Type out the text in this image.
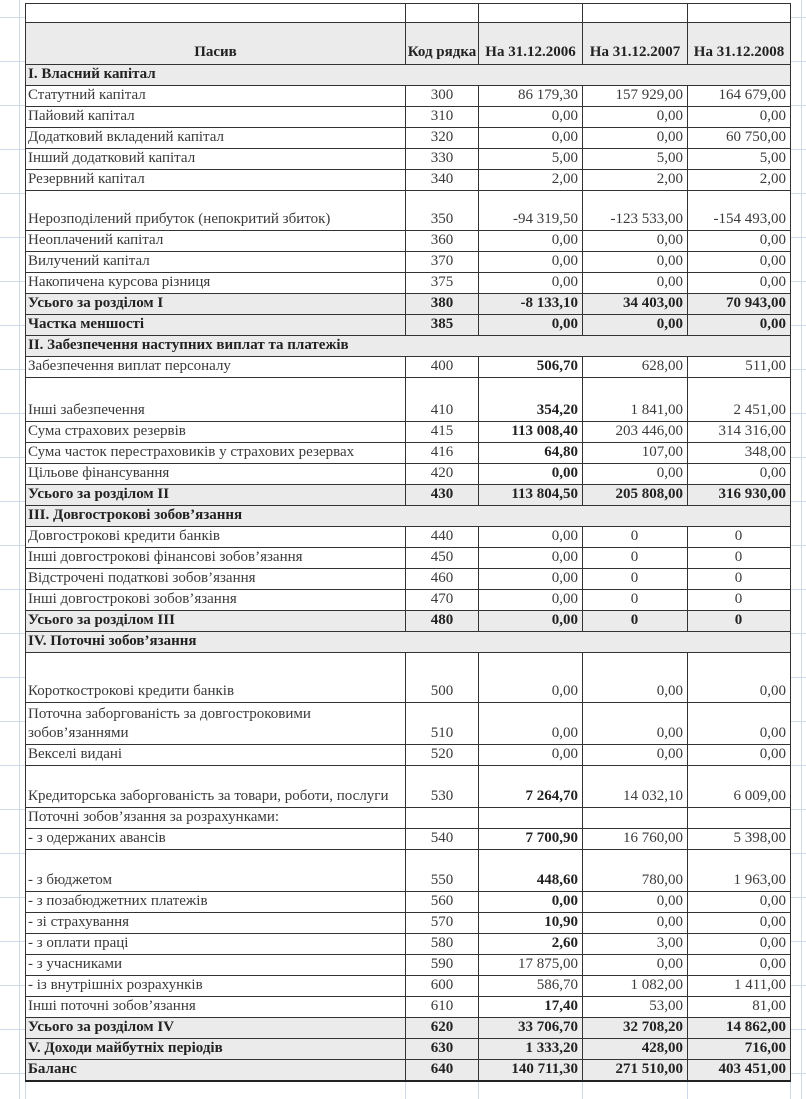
Пасив	Код рядка	На 31.12.2006	На 31.12.2007	На 31.12.2008
I. Власний капітал				
Статутний капітал	300	86 179,30	157 929,00	164 679,00
Пайовий капітал	310	0,00	0,00	0,00
Додатковий вкладений капітал	320	0,00	0,00	60 750,00
Інший додатковий капітал	330	5,00	5,00	5,00
Резервний капітал	340	2,00	2,00	2,00
Нерозподілений прибуток (непокритий збиток)	350	-94 319,50	-123 533,00	-154 493,00
Неоплачений капітал	360	0,00	0,00	0,00
Вилучений капітал	370	0,00	0,00	0,00
Накопичена курсова різниця	375	0,00	0,00	0,00
Усього за розділом I	380	-8 133,10	34 403,00	70 943,00
Частка меншості	385	0,00	0,00	0,00
II. Забезпечення наступних виплат та платежів				
Забезпечення виплат персоналу	400	506,70	628,00	511,00
Інші забезпечення	410	354,20	1 841,00	2 451,00
Сума страхових резервів	415	113 008,40	203 446,00	314 316,00
Сума часток перестраховиків у страхових резервах	416	64,80	107,00	348,00
Цільове фінансування	420	0,00	0,00	0,00
Усього за розділом II	430	113 804,50	205 808,00	316 930,00
III. Довгострокові зобов’язання				
Довгострокові кредити банків	440	0,00	0	0
Інші довгострокові фінансові зобов’язання	450	0,00	0	0
Відстрочені податкові зобов’язання	460	0,00	0	0
Інші довгострокові зобов’язання	470	0,00	0	0
Усього за розділом III	480	0,00	0	0
IV. Поточні зобов’язання				
Короткострокові кредити банків	500	0,00	0,00	0,00
Поточна заборгованість за довгостроковими зобов’язаннями	510	0,00	0,00	0,00
Векселі видані	520	0,00	0,00	0,00
Кредиторська заборгованість за товари, роботи, послуги	530	7 264,70	14 032,10	6 009,00
Поточні зобов’язання за розрахунками:				
- з одержаних авансів	540	7 700,90	16 760,00	5 398,00
- з бюджетом	550	448,60	780,00	1 963,00
- з позабюджетних платежів	560	0,00	0,00	0,00
- зі страхування	570	10,90	0,00	0,00
- з оплати праці	580	2,60	3,00	0,00
- з учасниками	590	17 875,00	0,00	0,00
- із внутрішніх розрахунків	600	586,70	1 082,00	1 411,00
Інші поточні зобов’язання	610	17,40	53,00	81,00
Усього за розділом IV	620	33 706,70	32 708,20	14 862,00
V. Доходи майбутніх періодів	630	1 333,20	428,00	716,00
Баланс	640	140 711,30	271 510,00	403 451,00
